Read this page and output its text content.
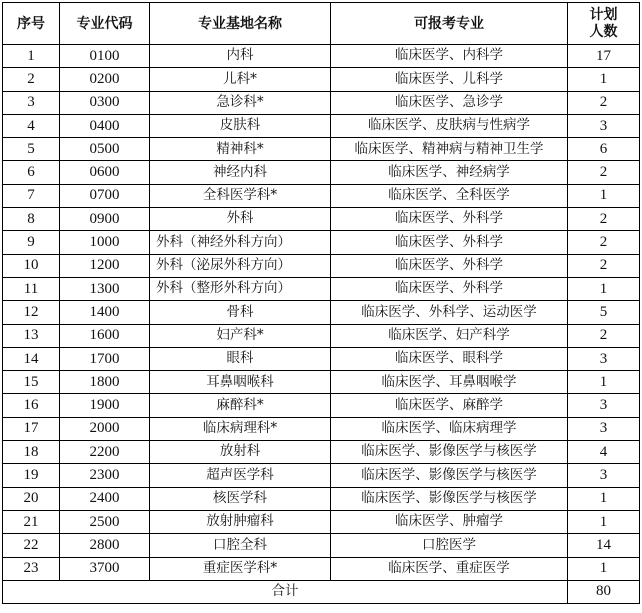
序号	专业代码	专业基地名称	可报考专业	计划人数
1	0100	内科	临床医学、内科学	17
2	0200	儿科*	临床医学、儿科学	1
3	0300	急诊科*	临床医学、急诊学	2
4	0400	皮肤科	临床医学、皮肤病与性病学	3
5	0500	精神科*	临床医学、精神病与精神卫生学	6
6	0600	神经内科	临床医学、神经病学	2
7	0700	全科医学科*	临床医学、全科医学	1
8	0900	外科	临床医学、外科学	2
9	1000	外科（神经外科方向）	临床医学、外科学	2
10	1200	外科（泌尿外科方向）	临床医学、外科学	2
11	1300	外科（整形外科方向）	临床医学、外科学	1
12	1400	骨科	临床医学、外科学、运动医学	5
13	1600	妇产科*	临床医学、妇产科学	2
14	1700	眼科	临床医学、眼科学	3
15	1800	耳鼻咽喉科	临床医学、耳鼻咽喉学	1
16	1900	麻醉科*	临床医学、麻醉学	3
17	2000	临床病理科*	临床医学、临床病理学	3
18	2200	放射科	临床医学、影像医学与核医学	4
19	2300	超声医学科	临床医学、影像医学与核医学	3
20	2400	核医学科	临床医学、影像医学与核医学	1
21	2500	放射肿瘤科	临床医学、肿瘤学	1
22	2800	口腔全科	口腔医学	14
23	3700	重症医学科*	临床医学、重症医学	1
合计				80
